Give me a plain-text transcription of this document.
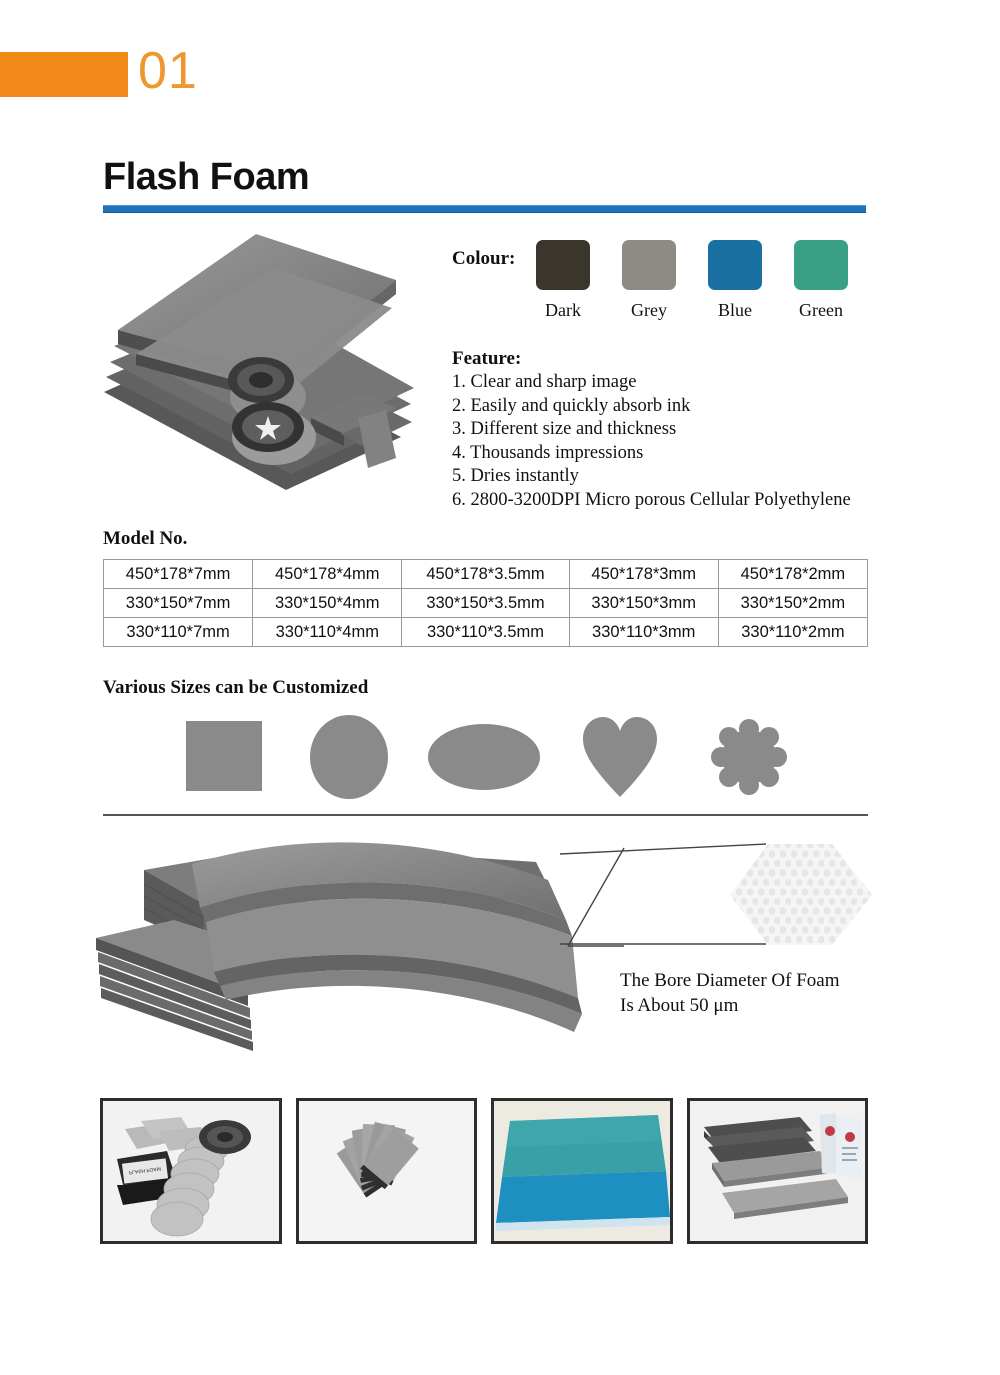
01
Flash Foam
Colour:
Dark	Grey	Blue	Green
Feature:
1. Clear and sharp image
2. Easily and quickly absorb ink
3. Different size and thickness
4. Thousands impressions
5. Dries instantly
6. 2800-3200DPI Micro porous Cellular Polyethylene
Model No.
450*178*7mm	450*178*4mm	450*178*3.5mm	450*178*3mm	450*178*2mm
330*150*7mm	330*150*4mm	330*150*3.5mm	330*150*3mm	330*150*2mm
330*110*7mm	330*110*4mm	330*110*3.5mm	330*110*3mm	330*110*2mm
Various Sizes can be Customized
The Bore Diameter Of Foam
Is About 50 μm
FLASH FOAM
